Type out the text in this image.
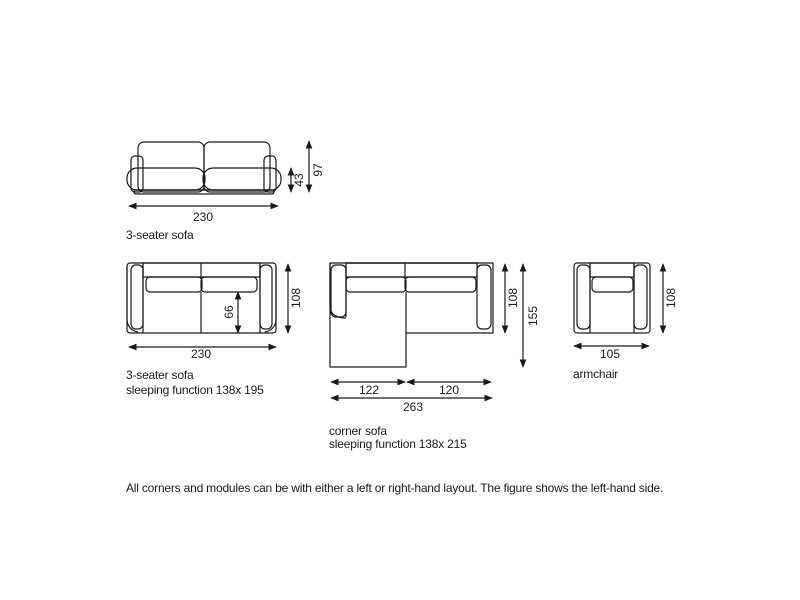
230
43
97
230
108
66
122	120
263
108
155
105
108
3-seater sofa
3-seater sofa
sleeping function 138x 195
corner sofa
sleeping function 138x 215
armchair
All corners and modules can be with either a left or right-hand layout. The figure shows the left-hand side.
